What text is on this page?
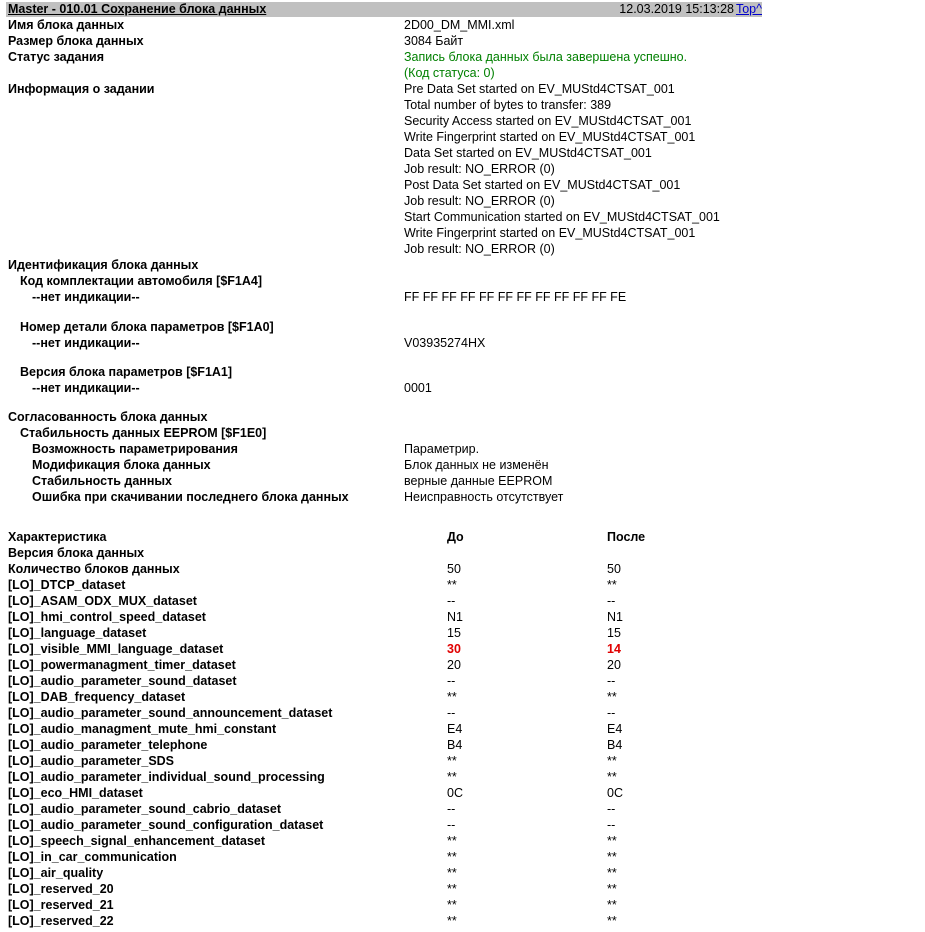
Master - 010.01 Сохранение блока данных	12.03.2019 15:13:28 Top^
Имя блока данных	2D00_DM_MMI.xml
Размер блока данных	3084 Байт
Статус задания	Запись блока данных была завершена успешно.
(Код статуса: 0)
Информация о задании	Pre Data Set started on EV_MUStd4CTSAT_001
Total number of bytes to transfer: 389
Security Access started on EV_MUStd4CTSAT_001
Write Fingerprint started on EV_MUStd4CTSAT_001
Data Set started on EV_MUStd4CTSAT_001
Job result: NO_ERROR (0)
Post Data Set started on EV_MUStd4CTSAT_001
Job result: NO_ERROR (0)
Start Communication started on EV_MUStd4CTSAT_001
Write Fingerprint started on EV_MUStd4CTSAT_001
Job result: NO_ERROR (0)
Идентификация блока данных
Код комплектации автомобиля [$F1A4]
--нет индикации--	FF FF FF FF FF FF FF FF FF FF FF FE
Номер детали блока параметров [$F1A0]
--нет индикации--	V03935274HX
Версия блока параметров [$F1A1]
--нет индикации--	0001
Согласованность блока данных
Стабильность данных EEPROM [$F1E0]
Возможность параметрирования	Параметрир.
Модификация блока данных	Блок данных не изменён
Стабильность данных	верные данные EEPROM
Ошибка при скачивании последнего блока данных	Неисправность отсутствует
Характеристика	До	После
Версия блока данных
Количество блоков данных	50	50
[LO]_DTCP_dataset	**	**
[LO]_ASAM_ODX_MUX_dataset	--	--
[LO]_hmi_control_speed_dataset	N1	N1
[LO]_language_dataset	15	15
[LO]_visible_MMI_language_dataset	30	14
[LO]_powermanagment_timer_dataset	20	20
[LO]_audio_parameter_sound_dataset	--	--
[LO]_DAB_frequency_dataset	**	**
[LO]_audio_parameter_sound_announcement_dataset	--	--
[LO]_audio_managment_mute_hmi_constant	E4	E4
[LO]_audio_parameter_telephone	B4	B4
[LO]_audio_parameter_SDS	**	**
[LO]_audio_parameter_individual_sound_processing	**	**
[LO]_eco_HMI_dataset	0C	0C
[LO]_audio_parameter_sound_cabrio_dataset	--	--
[LO]_audio_parameter_sound_configuration_dataset	--	--
[LO]_speech_signal_enhancement_dataset	**	**
[LO]_in_car_communication	**	**
[LO]_air_quality	**	**
[LO]_reserved_20	**	**
[LO]_reserved_21	**	**
[LO]_reserved_22	**	**
